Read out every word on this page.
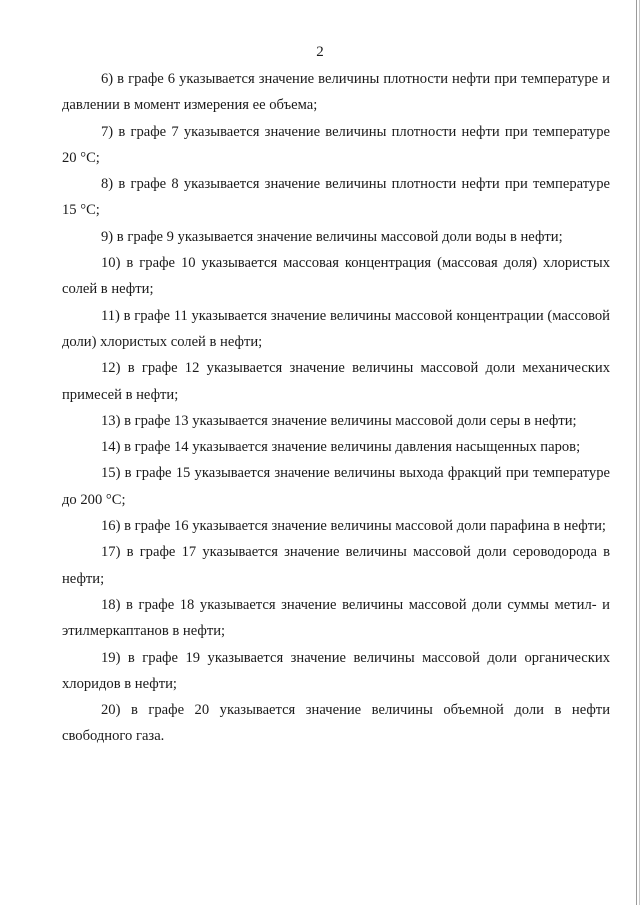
2

6) в графе 6 указывается значение величины плотности нефти при температуре и давлении в момент измерения ее объема;

7) в графе 7 указывается значение величины плотности нефти при температуре 20 °C;

8) в графе 8 указывается значение величины плотности нефти при температуре 15 °C;

9) в графе 9 указывается значение величины массовой доли воды в нефти;

10) в графе 10 указывается массовая концентрация (массовая доля) хлористых солей в нефти;

11) в графе 11 указывается значение величины массовой концентрации (массовой доли) хлористых солей в нефти;

12) в графе 12 указывается значение величины массовой доли механических примесей в нефти;

13) в графе 13 указывается значение величины массовой доли серы в нефти;

14) в графе 14 указывается значение величины давления насыщенных паров;

15) в графе 15 указывается значение величины выхода фракций при температуре до 200 °C;

16) в графе 16 указывается значение величины массовой доли парафина в нефти;

17) в графе 17 указывается значение величины массовой доли сероводорода в нефти;

18) в графе 18 указывается значение величины массовой доли суммы метил- и этилмеркаптанов в нефти;

19) в графе 19 указывается значение величины массовой доли органических хлоридов в нефти;

20) в графе 20 указывается значение величины объемной доли в нефти свободного газа.
